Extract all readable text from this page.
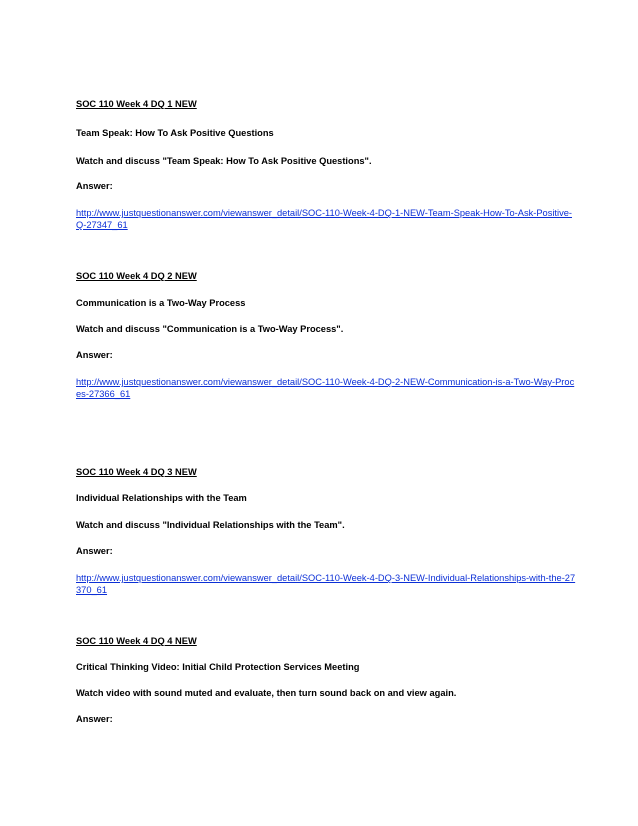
SOC 110 Week 4 DQ 1 NEW
Team Speak: How To Ask Positive Questions
Watch and discuss "Team Speak: How To Ask Positive Questions".
Answer:
http://www.justquestionanswer.com/viewanswer_detail/SOC-110-Week-4-DQ-1-NEW-Team-Speak-How-To-Ask-Positive-Q-27347_61
SOC 110 Week 4 DQ 2 NEW
Communication is a Two-Way Process
Watch and discuss "Communication is a Two-Way Process".
Answer:
http://www.justquestionanswer.com/viewanswer_detail/SOC-110-Week-4-DQ-2-NEW-Communication-is-a-Two-Way-Proces-27366_61
SOC 110 Week 4 DQ 3 NEW
Individual Relationships with the Team
Watch and discuss "Individual Relationships with the Team".
Answer:
http://www.justquestionanswer.com/viewanswer_detail/SOC-110-Week-4-DQ-3-NEW-Individual-Relationships-with-the-27370_61
SOC 110 Week 4 DQ 4 NEW
Critical Thinking Video: Initial Child Protection Services Meeting
Watch video with sound muted and evaluate, then turn sound back on and view again.
Answer:
